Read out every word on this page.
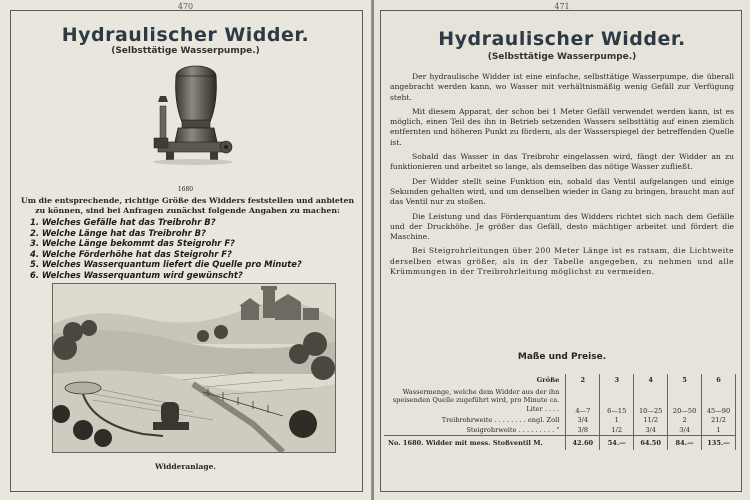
470
Hydraulischer Widder.
(Selbsttätige Wasserpumpe.)
1680
Um die entsprechende, richtige Größe des Widders feststellen und anbieten zu können, sind bei Anfragen zunächst folgende Angaben zu machen:
1. Welches Gefälle hat das Treibrohr B?
2. Welche Länge hat das Treibrohr B?
3. Welche Länge bekommt das Steigrohr F?
4. Welche Förderhöhe hat das Steigrohr F?
5. Welches Wasserquantum liefert die Quelle pro Minute?
6. Welches Wasserquantum wird gewünscht?
Widderanlage.
471
Hydraulischer Widder.
(Selbsttätige Wasserpumpe.)

Der hydraulische Widder ist eine einfache, selbsttätige Wasserpumpe, die überall angebracht werden kann, wo Wasser mit verhältnismäßig wenig Gefäll zur Verfügung steht.

Mit diesem Apparat, der schon bei 1 Meter Gefäll verwendet werden kann, ist es möglich, einen Teil des ihn in Betrieb setzenden Wassers selbsttätig auf einen ziemlich entfernten und höheren Punkt zu fördern, als der Wasserspiegel der betreffenden Quelle ist.

Sobald das Wasser in das Treibrohr eingelassen wird, fängt der Widder an zu funktionieren und arbeitet so lange, als demselben das nötige Wasser zufließt.

Der Widder stellt seine Funktion ein, sobald das Ventil aufgelangen und einige Sekunden gehalten wird, und um denselben wieder in Gang zu bringen, braucht man auf das Ventil nur zu stoßen.

Die Leistung und das Förderquantum des Widders richtet sich nach dem Gefälle und der Druckhöhe. Je größer das Gefäll, desto mächtiger arbeitet und fördert die Maschine.

Bei Steigrohrleitungen über 200 Meter Länge ist es ratsam, die Lichtweite derselben etwas größer, als in der Tabelle angegeben, zu nehmen und alle Krümmungen in der Treibrohrleitung möglichst zu vermeiden.

Maße und Preise.
Größe	2	3	4	5	6
Wassermenge, welche dem Widder aus der ihn speisenden Quelle zugeführt wird, pro Minute ca. Liter . . . .	4—7	6—15	10—25	20—50	45—90
Treibrohrweite . . . . . . . . engl. Zoll	3/4	1	11/2	2	21/2
Steigrohrweite . . . . . . . . . "	3/8	1/2	3/4	3/4	1
No. 1680. Widder mit mess. Stoßventil M.	42.60	54.—	64.50	84.—	135.—
